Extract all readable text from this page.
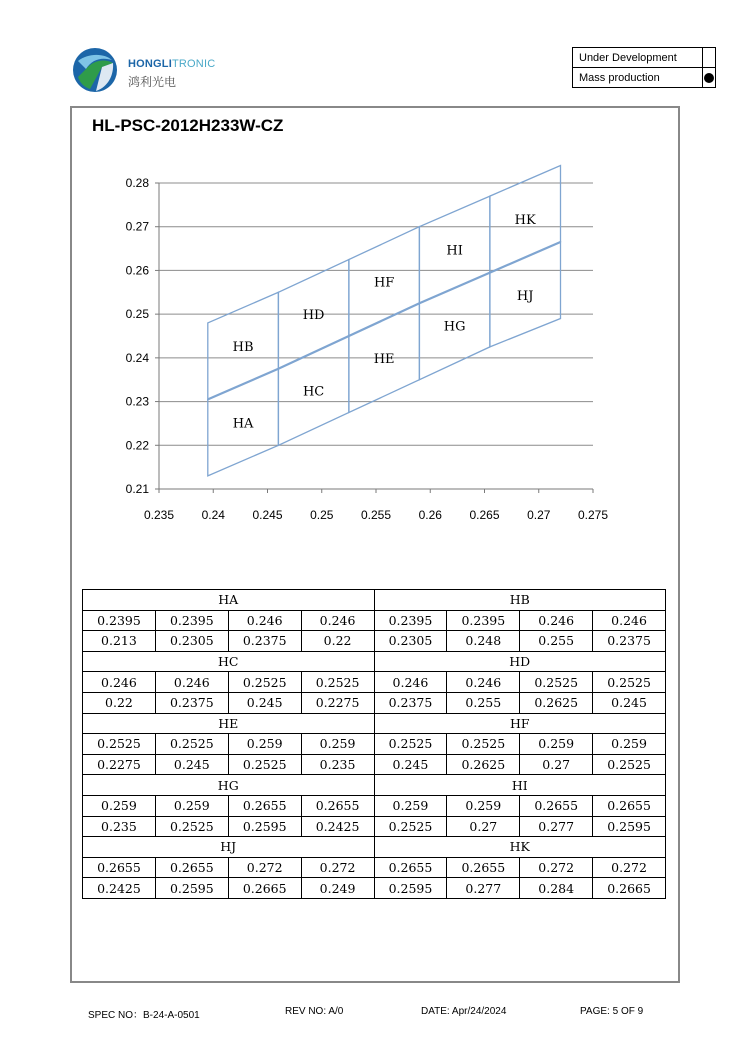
HONGLITRONIC
鸿利光电
Under Development	
Mass production	
HL-PSC-2012H233W-CZ
0.21
0.22
0.23
0.24
0.25
0.26
0.27
0.28
0.235 0.24 0.245 0.25 0.255 0.26 0.265 0.27 0.275
HA
HB
HC
HD
HE
HF
HG
HI
HJ
HK
HA				HB			
0.2395	0.2395	0.246	0.246	0.2395	0.2395	0.246	0.246
0.213	0.2305	0.2375	0.22	0.2305	0.248	0.255	0.2375
HC				HD			
0.246	0.246	0.2525	0.2525	0.246	0.246	0.2525	0.2525
0.22	0.2375	0.245	0.2275	0.2375	0.255	0.2625	0.245
HE				HF			
0.2525	0.2525	0.259	0.259	0.2525	0.2525	0.259	0.259
0.2275	0.245	0.2525	0.235	0.245	0.2625	0.27	0.2525
HG				HI			
0.259	0.259	0.2655	0.2655	0.259	0.259	0.2655	0.2655
0.235	0.2525	0.2595	0.2425	0.2525	0.27	0.277	0.2595
HJ				HK			
0.2655	0.2655	0.272	0.272	0.2655	0.2655	0.272	0.272
0.2425	0.2595	0.2665	0.249	0.2595	0.277	0.284	0.2665
SPEC NO：B-24-A-0501	REV NO: A/0	DATE: Apr/24/2024	PAGE: 5 OF 9
